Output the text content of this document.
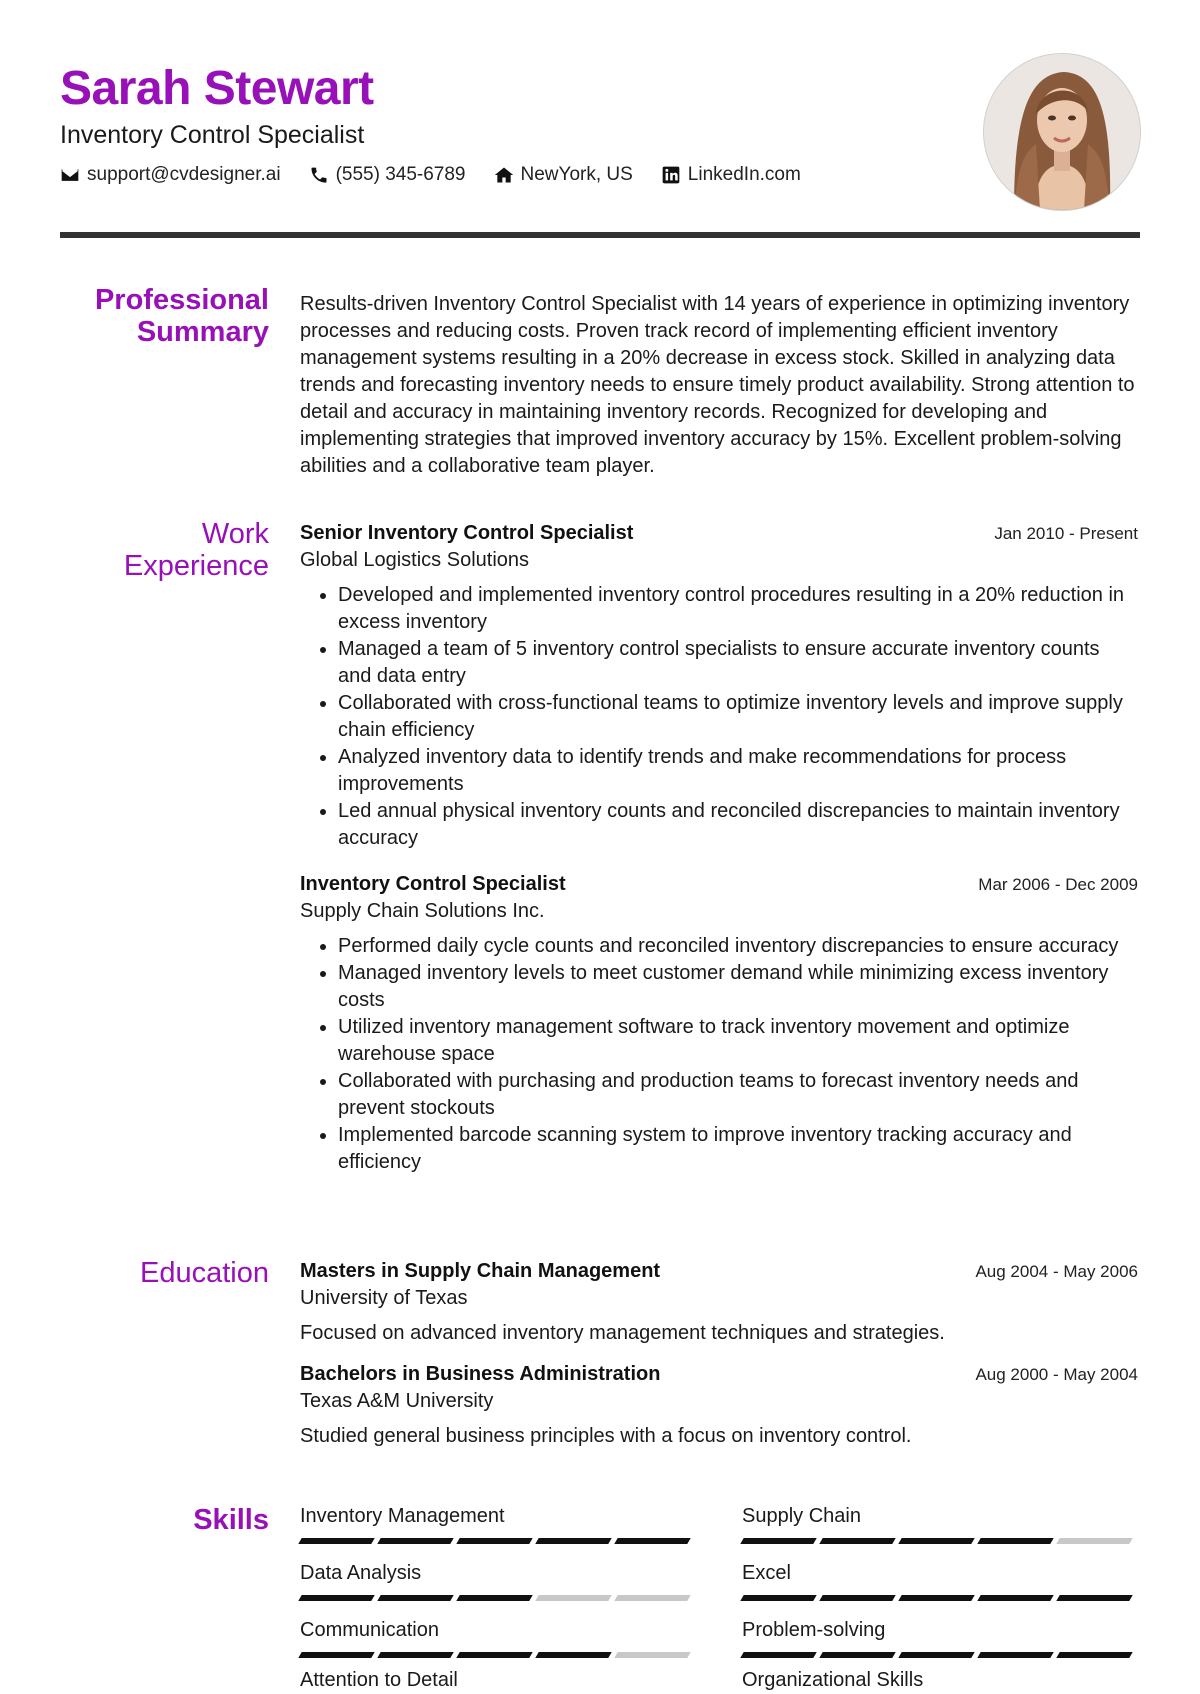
Sarah Stewart
Inventory Control Specialist
support@cvdesigner.ai	(555) 345-6789	NewYork, US	LinkedIn.com
Professional
Summary

Results-driven Inventory Control Specialist with 14 years of experience in optimizing inventory processes and reducing costs. Proven track record of implementing efficient inventory management systems resulting in a 20% decrease in excess stock. Skilled in analyzing data trends and forecasting inventory needs to ensure timely product availability. Strong attention to detail and accuracy in maintaining inventory records. Recognized for developing and implementing strategies that improved inventory accuracy by 15%. Excellent problem-solving abilities and a collaborative team player.

Work
Experience
Senior Inventory Control Specialist	Jan 2010 - Present
Global Logistics Solutions
• Developed and implemented inventory control procedures resulting in a 20% reduction in excess inventory
• Managed a team of 5 inventory control specialists to ensure accurate inventory counts and data entry
• Collaborated with cross-functional teams to optimize inventory levels and improve supply chain efficiency
• Analyzed inventory data to identify trends and make recommendations for process improvements
• Led annual physical inventory counts and reconciled discrepancies to maintain inventory accuracy
Inventory Control Specialist	Mar 2006 - Dec 2009
Supply Chain Solutions Inc.
• Performed daily cycle counts and reconciled inventory discrepancies to ensure accuracy
• Managed inventory levels to meet customer demand while minimizing excess inventory costs
• Utilized inventory management software to track inventory movement and optimize warehouse space
• Collaborated with purchasing and production teams to forecast inventory needs and prevent stockouts
• Implemented barcode scanning system to improve inventory tracking accuracy and efficiency
Education Masters in Supply Chain Management	Aug 2004 - May 2006
University of Texas
Focused on advanced inventory management techniques and strategies.
Bachelors in Business Administration	Aug 2000 - May 2004
Texas A&M University
Studied general business principles with a focus on inventory control.
Skills Inventory Management	Supply Chain
Data Analysis	Excel
Communication	Problem-solving
Attention to Detail	Organizational Skills
